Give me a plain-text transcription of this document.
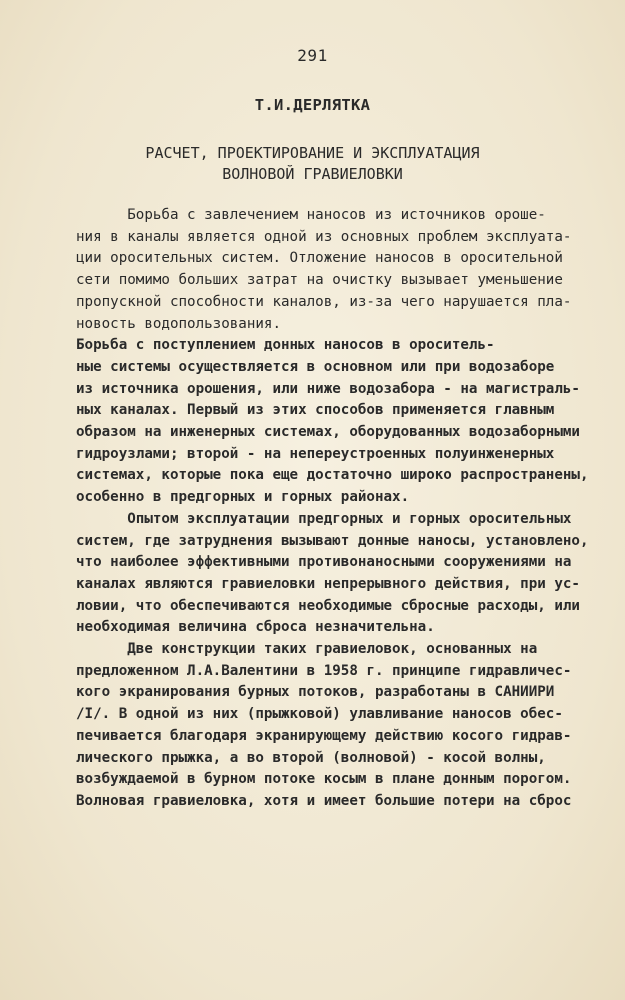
291
Т.И.ДЕРЛЯТКА
РАСЧЕТ, ПРОЕКТИРОВАНИЕ И ЭКСПЛУАТАЦИЯ
ВОЛНОВОЙ ГРАВИЕЛОВКИ
Борьба с завлечением наносов из источников ороше-
ния в каналы является одной из основных проблем эксплуата-
ции оросительных систем. Отложение наносов в оросительной
сети помимо больших затрат на очистку вызывает уменьшение
пропускной способности каналов, из-за чего нарушается пла-
новость водопользования.
Борьба с поступлением донных наносов в ороситель-
ные системы осуществляется в основном или при водозаборе
из источника орошения, или ниже водозабора - на магистраль-
ных каналах. Первый из этих способов применяется главным
образом на инженерных системах, оборудованных водозаборными
гидроузлами; второй - на непереустроенных полуинженерных
системах, которые пока еще достаточно широко распространены,
особенно в предгорных и горных районах.
Опытом эксплуатации предгорных и горных оросительных
систем, где затруднения вызывают донные наносы, установлено,
что наиболее эффективными противонаносными сооружениями на
каналах являются гравиеловки непрерывного действия, при ус-
ловии, что обеспечиваются необходимые сбросные расходы, или
необходимая величина сброса незначительна.
Две конструкции таких гравиеловок, основанных на
предложенном Л.А.Валентини в 1958 г. принципе гидравличес-
кого экранирования бурных потоков, разработаны в САНИИРИ
/I/. В одной из них (прыжковой) улавливание наносов обес-
печивается благодаря экранирующему действию косого гидрав-
лического прыжка, а во второй (волновой) - косой волны,
возбуждаемой в бурном потоке косым в плане донным порогом.
Волновая гравиеловка, хотя и имеет большие потери на сброс
